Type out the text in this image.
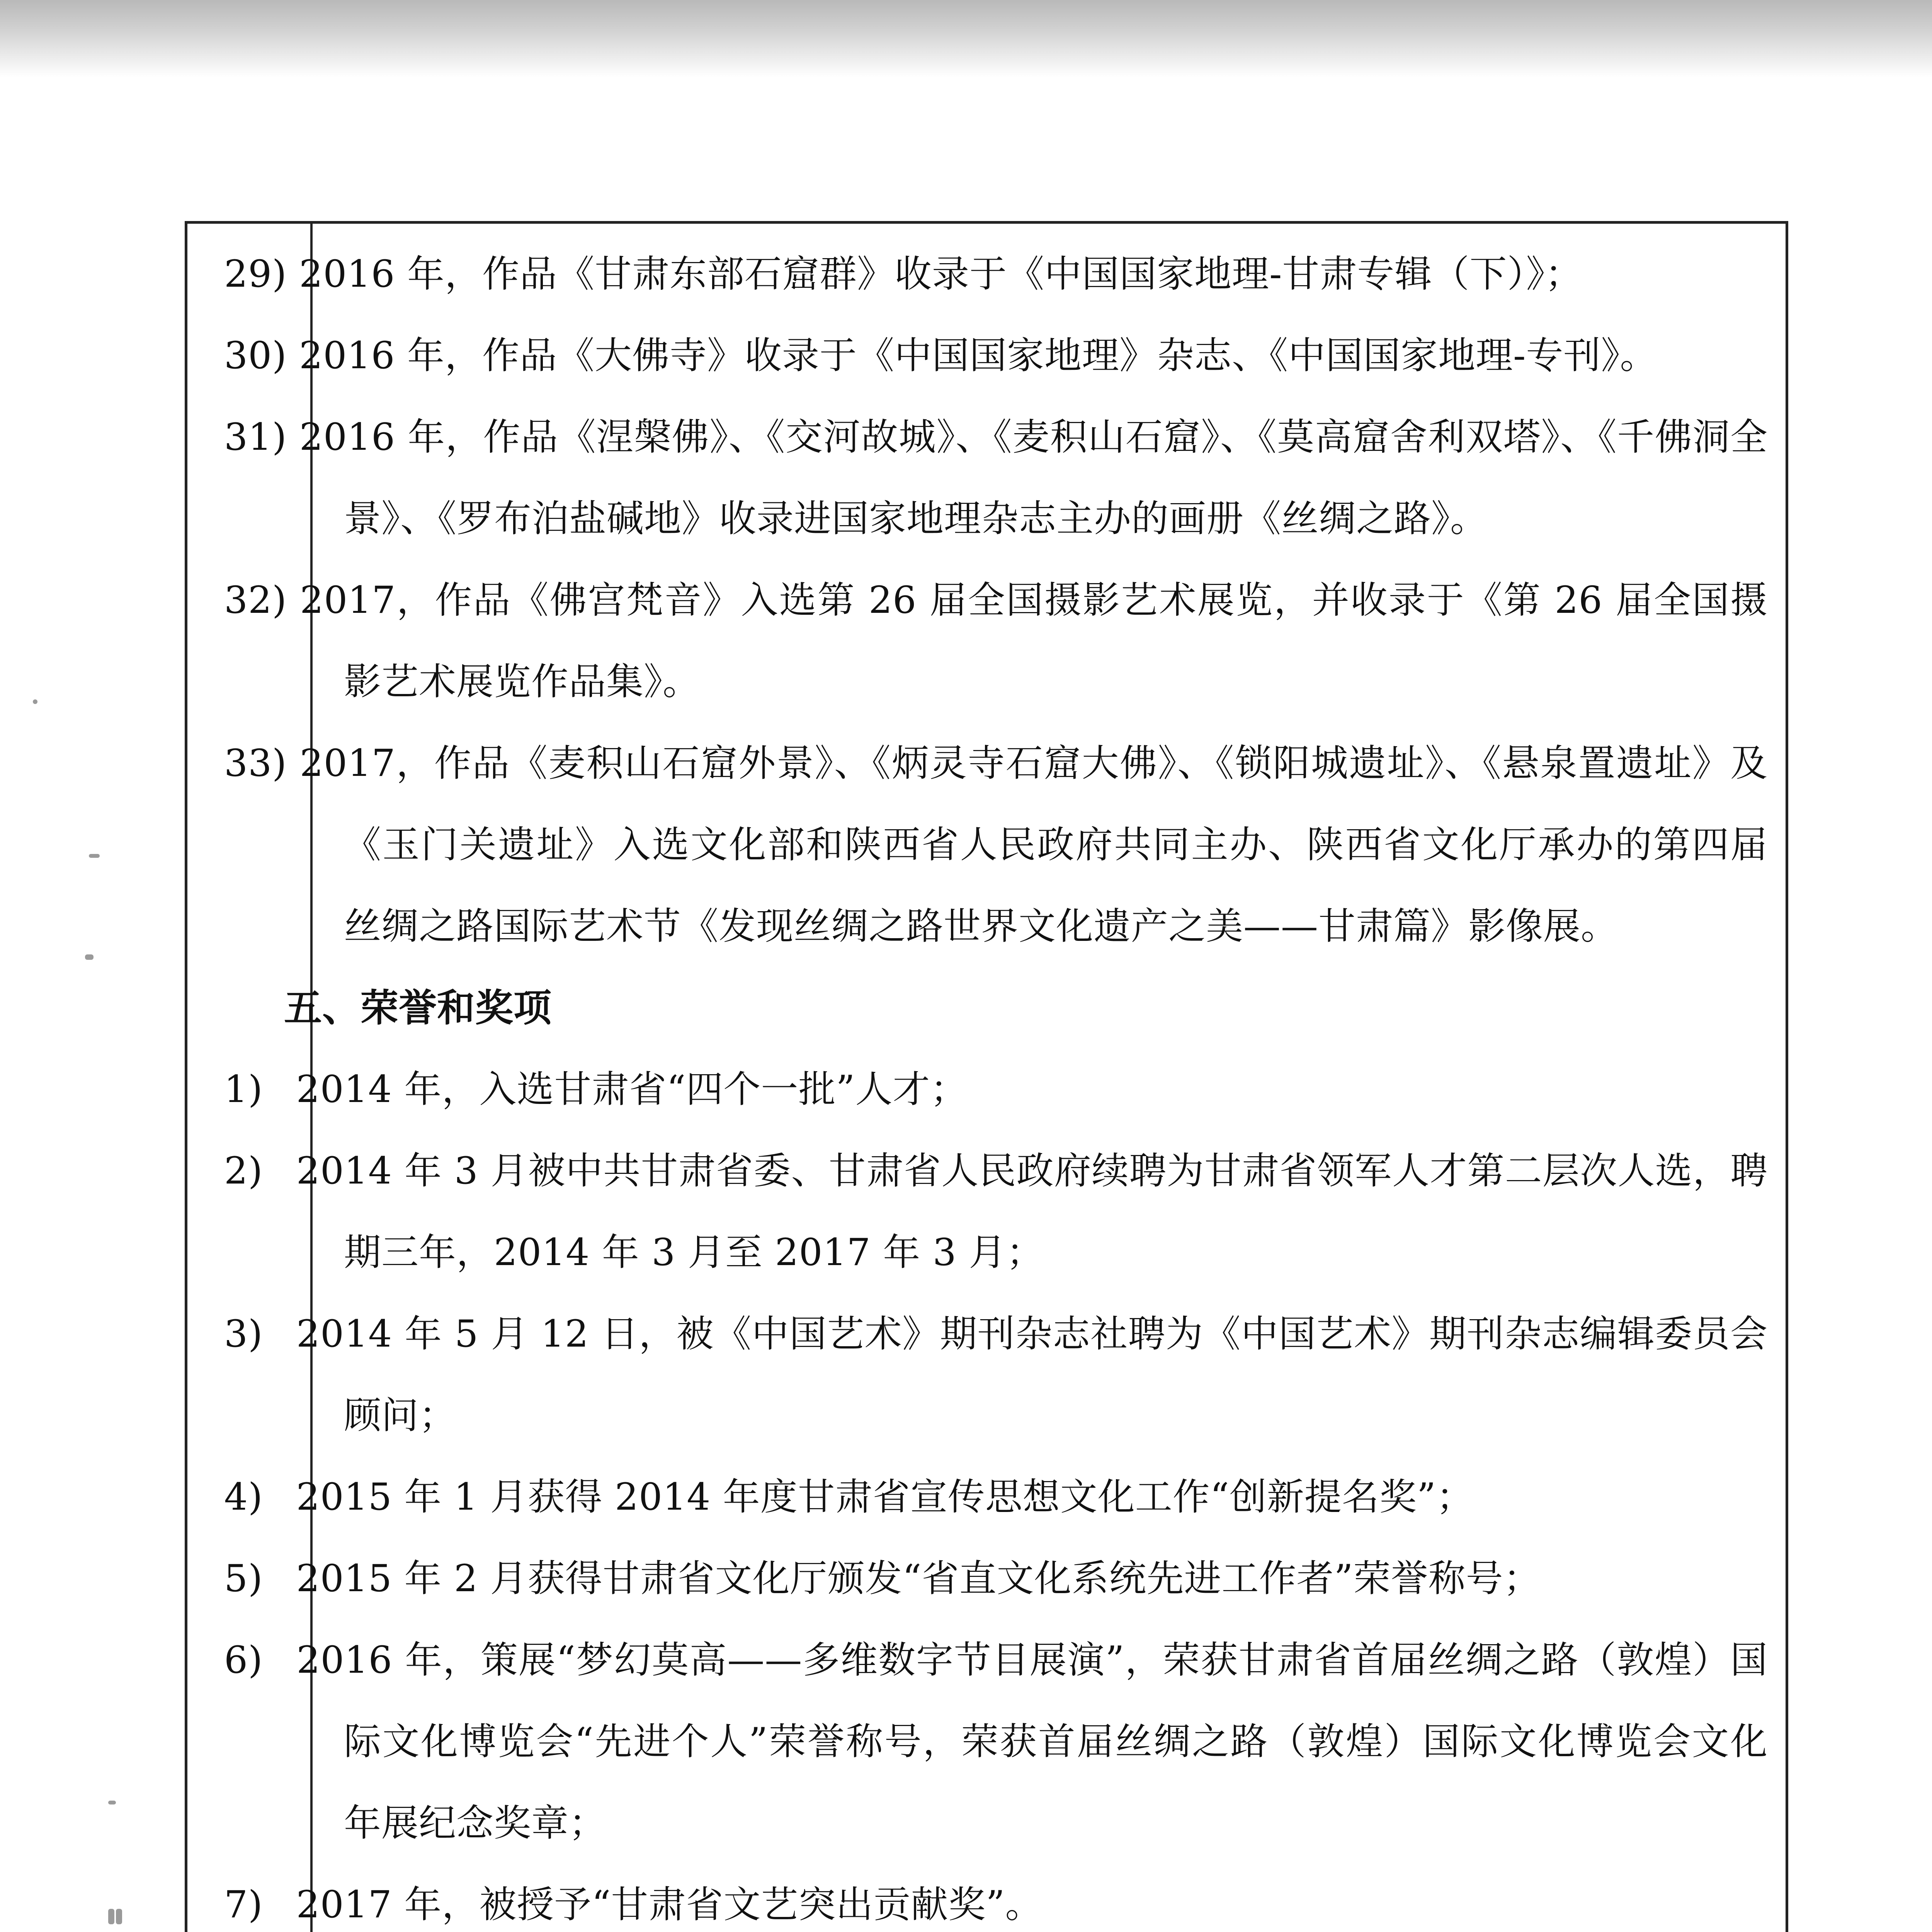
29) 2016 年，作品《甘肃东部石窟群》收录于《中国国家地理-甘肃专辑（下）》；

30) 2016 年，作品《大佛寺》收录于《中国国家地理》杂志、《中国国家地理-专刊》。

31) 2016 年，作品《涅槃佛》、《交河故城》、《麦积山石窟》、《莫高窟舍利双塔》、《千佛洞全景》、《罗布泊盐碱地》收录进国家地理杂志主办的画册《丝绸之路》。

32) 2017，作品《佛宫梵音》入选第 26 届全国摄影艺术展览，并收录于《第 26 届全国摄影艺术展览作品集》。

33) 2017，作品《麦积山石窟外景》、《炳灵寺石窟大佛》、《锁阳城遗址》、《悬泉置遗址》及《玉门关遗址》入选文化部和陕西省人民政府共同主办、陕西省文化厅承办的第四届丝绸之路国际艺术节《发现丝绸之路世界文化遗产之美——甘肃篇》影像展。

五、荣誉和奖项

1) 2014 年，入选甘肃省“四个一批”人才；

2) 2014 年 3 月被中共甘肃省委、甘肃省人民政府续聘为甘肃省领军人才第二层次人选，聘期三年，2014 年 3 月至 2017 年 3 月；

3) 2014 年 5 月 12 日，被《中国艺术》期刊杂志社聘为《中国艺术》期刊杂志编辑委员会顾问；

4) 2015 年 1 月获得 2014 年度甘肃省宣传思想文化工作“创新提名奖”；

5) 2015 年 2 月获得甘肃省文化厅颁发“省直文化系统先进工作者”荣誉称号；

6) 2016 年，策展“梦幻莫高——多维数字节目展演”，荣获甘肃省首届丝绸之路（敦煌）国际文化博览会“先进个人”荣誉称号，荣获首届丝绸之路（敦煌）国际文化博览会文化年展纪念奖章；

7) 2017 年，被授予“甘肃省文艺突出贡献奖”。
